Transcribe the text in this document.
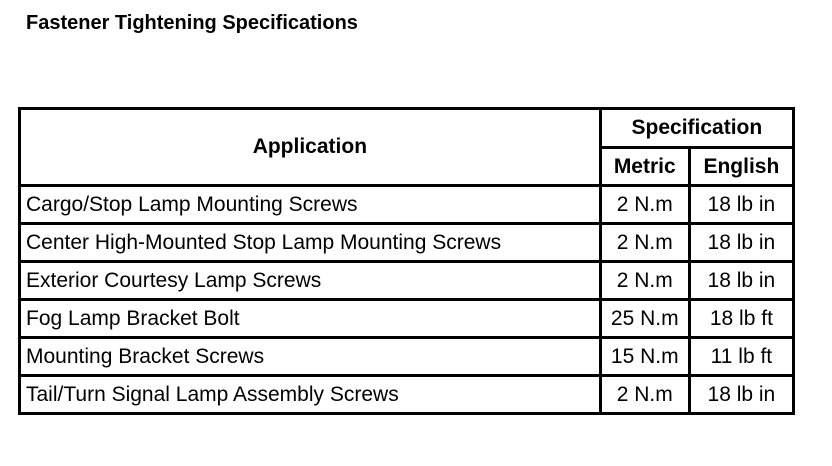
Fastener Tightening Specifications
Application	Specification	
	Metric	English
Cargo/Stop Lamp Mounting Screws	2 N.m	18 lb in
Center High-Mounted Stop Lamp Mounting Screws	2 N.m	18 lb in
Exterior Courtesy Lamp Screws	2 N.m	18 lb in
Fog Lamp Bracket Bolt	25 N.m	18 lb ft
Mounting Bracket Screws	15 N.m	11 lb ft
Tail/Turn Signal Lamp Assembly Screws	2 N.m	18 lb in
